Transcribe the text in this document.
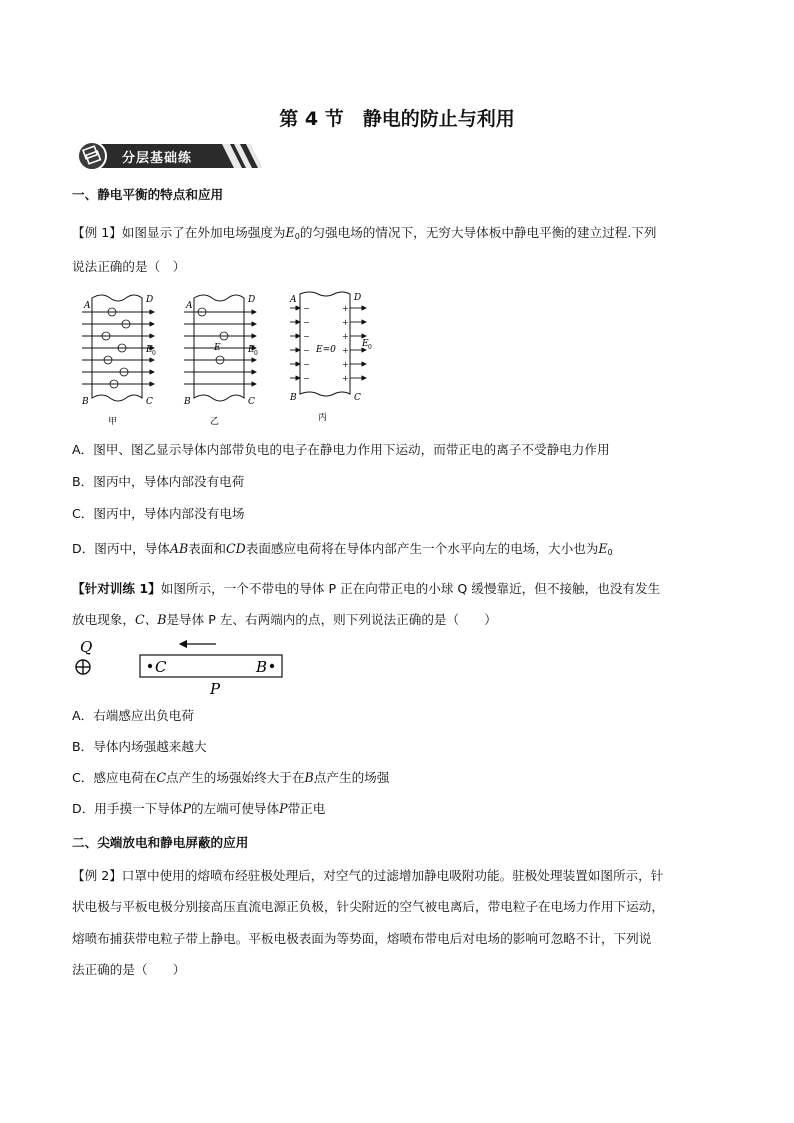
第 4 节　静电的防止与利用
分层基础练
一、静电平衡的特点和应用
【例 1】如图显示了在外加电场强度为$E_0$的匀强电场的情况下，无穷大导体板中静电平衡的建立过程.下列
说法正确的是（　）
A
D
B	C
E 0
甲
E
A
D
B	C
E 0
乙
−
−
−
−
−
−
+
+
+
+
+
+
E=0
A	D
B	C
E 0
丙
A．图甲、图乙显示导体内部带负电的电子在静电力作用下运动，而带正电的离子不受静电力作用
B．图丙中，导体内部没有电荷
C．图丙中，导体内部没有电场
D．图丙中，导体AB表面和CD表面感应电荷将在导体内部产生一个水平向左的电场，大小也为$E_0$
【针对训练 1】如图所示，一个不带电的导体 P 正在向带正电的小球 Q 缓慢靠近，但不接触，也没有发生
放电现象，C、B是导体 P 左、右两端内的点，则下列说法正确的是（　　）
Q
C	B
P
A．右端感应出负电荷
B．导体内场强越来越大
C．感应电荷在C点产生的场强始终大于在B点产生的场强
D．用手摸一下导体P的左端可使导体P带正电
二、尖端放电和静电屏蔽的应用
【例 2】口罩中使用的熔喷布经驻极处理后，对空气的过滤增加静电吸附功能。驻极处理装置如图所示，针
状电极与平板电极分别接高压直流电源正负极，针尖附近的空气被电离后，带电粒子在电场力作用下运动，
熔喷布捕获带电粒子带上静电。平板电极表面为等势面，熔喷布带电后对电场的影响可忽略不计，下列说
法正确的是（　　）
